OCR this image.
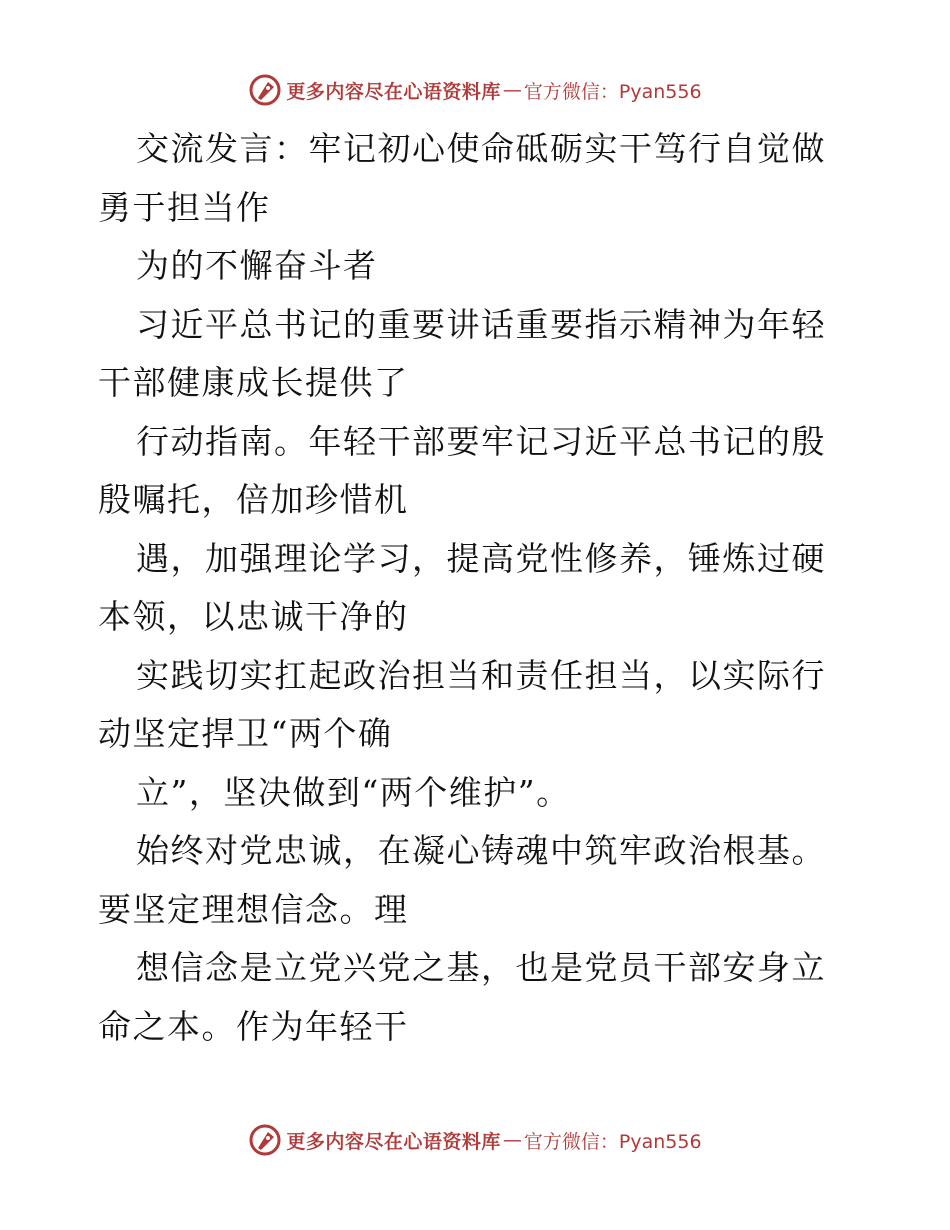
更多内容尽在心语资料库 — 官方微信：Pyan556

交流发言：牢记初心使命砥砺实干笃行自觉做勇于担当作

为的不懈奋斗者

习近平总书记的重要讲话重要指示精神为年轻干部健康成长提供了

行动指南。年轻干部要牢记习近平总书记的殷殷嘱托，倍加珍惜机

遇，加强理论学习，提高党性修养，锤炼过硬本领，以忠诚干净的

实践切实扛起政治担当和责任担当，以实际行动坚定捍卫“两个确

立”，坚决做到“两个维护”。

始终对党忠诚，在凝心铸魂中筑牢政治根基。要坚定理想信念。理

想信念是立党兴党之基，也是党员干部安身立命之本。作为年轻干

更多内容尽在心语资料库 — 官方微信：Pyan556
